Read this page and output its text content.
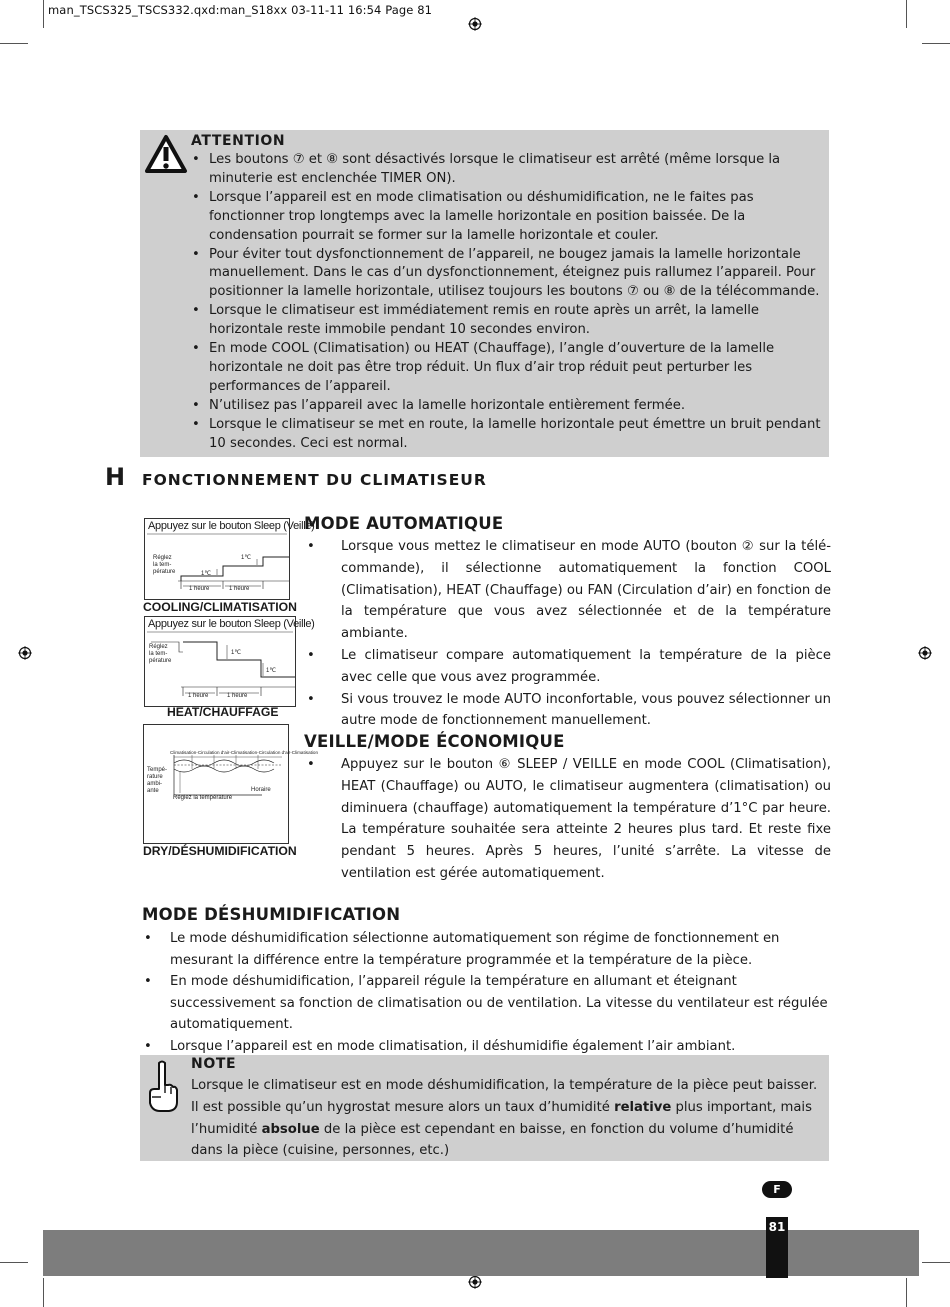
man_TSCS325_TSCS332.qxd:man_S18xx 03-11-11 16:54 Page 81
ATTENTION
• Les boutons ⑦ et ⑧ sont désactivés lorsque le climatiseur est arrêté (même lorsque la minuterie est enclenchée TIMER ON).
• Lorsque l’appareil est en mode climatisation ou déshumidification, ne le faites pas fonctionner trop longtemps avec la lamelle horizontale en position baissée. De la condensation pourrait se former sur la lamelle horizontale et couler.
• Pour éviter tout dysfonctionnement de l’appareil, ne bougez jamais la lamelle horizontale manuellement. Dans le cas d’un dysfonctionnement, éteignez puis rallumez l’appareil. Pour positionner la lamelle horizontale, utilisez toujours les boutons ⑦ ou ⑧ de la télécommande.
• Lorsque le climatiseur est immédiatement remis en route après un arrêt, la lamelle horizontale reste immobile pendant 10 secondes environ.
• En mode COOL (Climatisation) ou HEAT (Chauffage), l’angle d’ouverture de la lamelle horizontale ne doit pas être trop réduit. Un flux d’air trop réduit peut perturber les performances de l’appareil.
• N’utilisez pas l’appareil avec la lamelle horizontale entièrement fermée.
• Lorsque le climatiseur se met en route, la lamelle horizontale peut émettre un bruit pendant 10 secondes. Ceci est normal.
H FONCTIONNEMENT DU CLIMATISEUR
Appuyez sur le bouton Sleep (Veille)
Réglez
la tem-
pérature	1℃
1℃
1 heure	1 heure
COOLING/CLIMATISATION
Appuyez sur le bouton Sleep (Veille)
Réglez
la tem-
pérature
1℃
1℃
1 heure	1 heure
HEAT/CHAUFFAGE
Climatisation-Circulation d'air-Climatisation-Circulation d'air-Climatisation
Tempé-
rature
ambi-
ante	Horaire
Réglez la température
DRY/DÉSHUMIDIFICATION
MODE AUTOMATIQUE
• Lorsque vous mettez le climatiseur en mode AUTO (bouton ② sur la télé-commande), il sélectionne automatiquement la fonction COOL (Climatisation), HEAT (Chauffage) ou FAN (Circulation d’air) en fonction de la température que vous avez sélectionnée et de la température ambiante.
• Le climatiseur compare automatiquement la température de la pièce avec celle que vous avez programmée.
• Si vous trouvez le mode AUTO inconfortable, vous pouvez sélectionner un autre mode de fonctionnement manuellement.
VEILLE/MODE ÉCONOMIQUE
• Appuyez sur le bouton ⑥ SLEEP / VEILLE en mode COOL (Climatisation), HEAT (Chauffage) ou AUTO, le climatiseur augmentera (climatisation) ou diminuera (chauffage) automatiquement la température d’1°C par heure. La température souhaitée sera atteinte 2 heures plus tard. Et reste fixe pendant 5 heures. Après 5 heures, l’unité s’arrête. La vitesse de ventilation est gérée automatiquement.
MODE DÉSHUMIDIFICATION
• Le mode déshumidification sélectionne automatiquement son régime de fonctionnement en mesurant la différence entre la température programmée et la température de la pièce.
• En mode déshumidification, l’appareil régule la température en allumant et éteignant successivement sa fonction de climatisation ou de ventilation. La vitesse du ventilateur est régulée automatiquement.
• Lorsque l’appareil est en mode climatisation, il déshumidifie également l’air ambiant.
NOTE
Lorsque le climatiseur est en mode déshumidification, la température de la pièce peut baisser. Il est possible qu’un hygrostat mesure alors un taux d’humidité relative plus important, mais l’humidité absolue de la pièce est cependant en baisse, en fonction du volume d’humidité dans la pièce (cuisine, personnes, etc.)
F
81
